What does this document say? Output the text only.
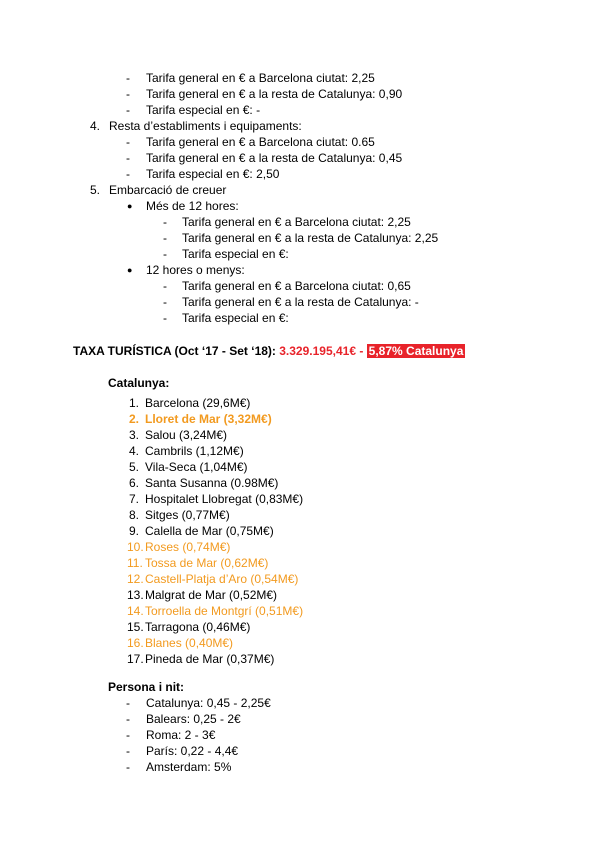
- Tarifa general en € a Barcelona ciutat: 2,25
- Tarifa general en € a la resta de Catalunya: 0,90
- Tarifa especial en €: -
4. Resta d’establiments i equipaments:
- Tarifa general en € a Barcelona ciutat: 0.65
- Tarifa general en € a la resta de Catalunya: 0,45
- Tarifa especial en €: 2,50
5. Embarcació de creuer
● Més de 12 hores:
- Tarifa general en € a Barcelona ciutat: 2,25
- Tarifa general en € a la resta de Catalunya: 2,25
- Tarifa especial en €:
● 12 hores o menys:
- Tarifa general en € a Barcelona ciutat: 0,65
- Tarifa general en € a la resta de Catalunya: -
- Tarifa especial en €:
TAXA TURÍSTICA (Oct ‘17 - Set ‘18): 3.329.195,41€ - 5,87% Catalunya
Catalunya:
1. Barcelona (29,6M€)
2. Lloret de Mar (3,32M€)
3. Salou (3,24M€)
4. Cambrils (1,12M€)
5. Vila-Seca (1,04M€)
6. Santa Susanna (0.98M€)
7. Hospitalet Llobregat (0,83M€)
8. Sitges (0,77M€)
9. Calella de Mar (0,75M€)
10. Roses (0,74M€)
11. Tossa de Mar (0,62M€)
12. Castell-Platja d’Aro (0,54M€)
13. Malgrat de Mar (0,52M€)
14. Torroella de Montgrí (0,51M€)
15. Tarragona (0,46M€)
16. Blanes (0,40M€)
17. Pineda de Mar (0,37M€)
Persona i nit:
- Catalunya: 0,45 - 2,25€
- Balears: 0,25 - 2€
- Roma: 2 - 3€
- París: 0,22 - 4,4€
- Amsterdam: 5%
